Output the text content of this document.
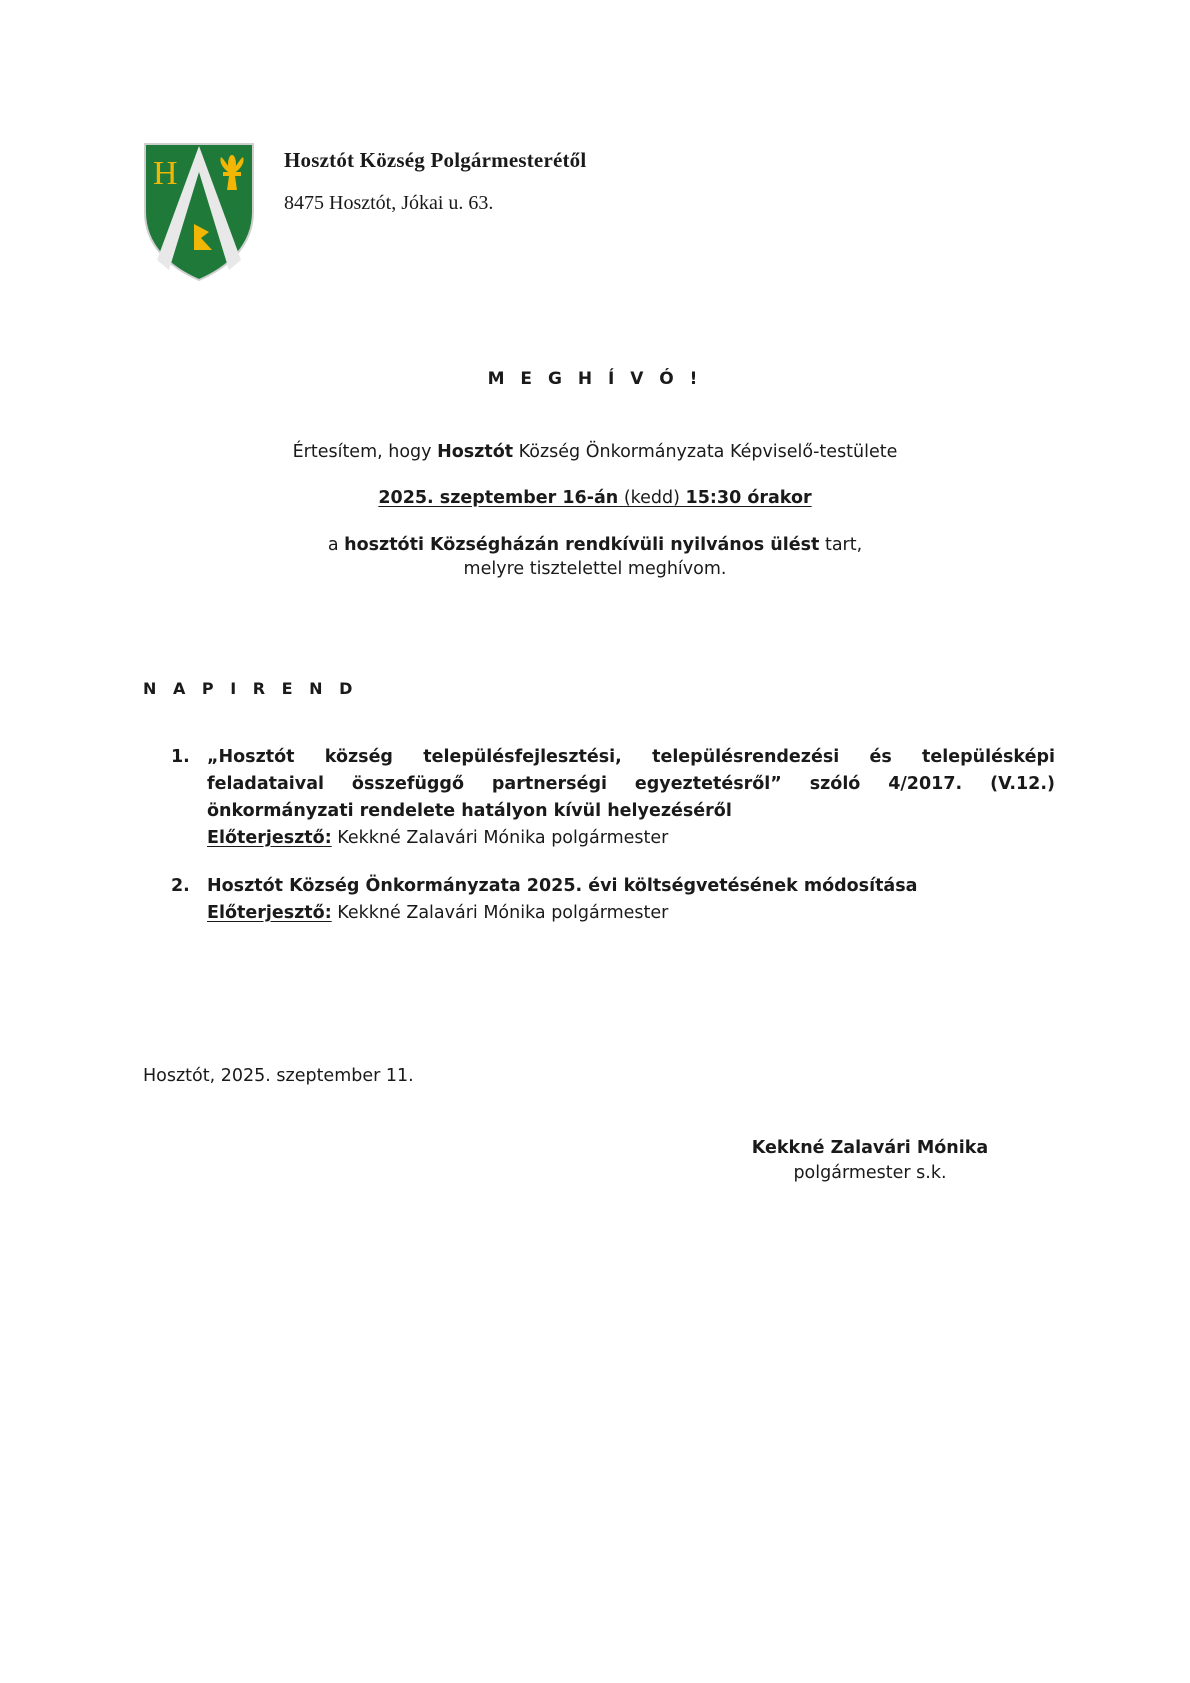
H	Hosztót Község Polgármesterétől

8475 Hosztót, Jókai u. 63.

M E G H Í V Ó !
Értesítem, hogy Hosztót Község Önkormányzata Képviselő-testülete
2025. szeptember 16-án (kedd) 15:30 órakor
a hosztóti Községházán rendkívüli nyilvános ülést tart,
melyre tisztelettel meghívom.
N A P I R E N D
1. „Hosztót község településfejlesztési, településrendezési és településképi feladataival összefüggő partnerségi egyeztetésről” szóló 4/2017. (V.12.) önkormányzati rendelete hatályon kívül helyezéséről

Előterjesztő: Kekkné Zalavári Mónika polgármester

2. Hosztót Község Önkormányzata 2025. évi költségvetésének módosítása

Előterjesztő: Kekkné Zalavári Mónika polgármester

Hosztót, 2025. szeptember 11.
Kekkné Zalavári Mónika
polgármester s.k.
